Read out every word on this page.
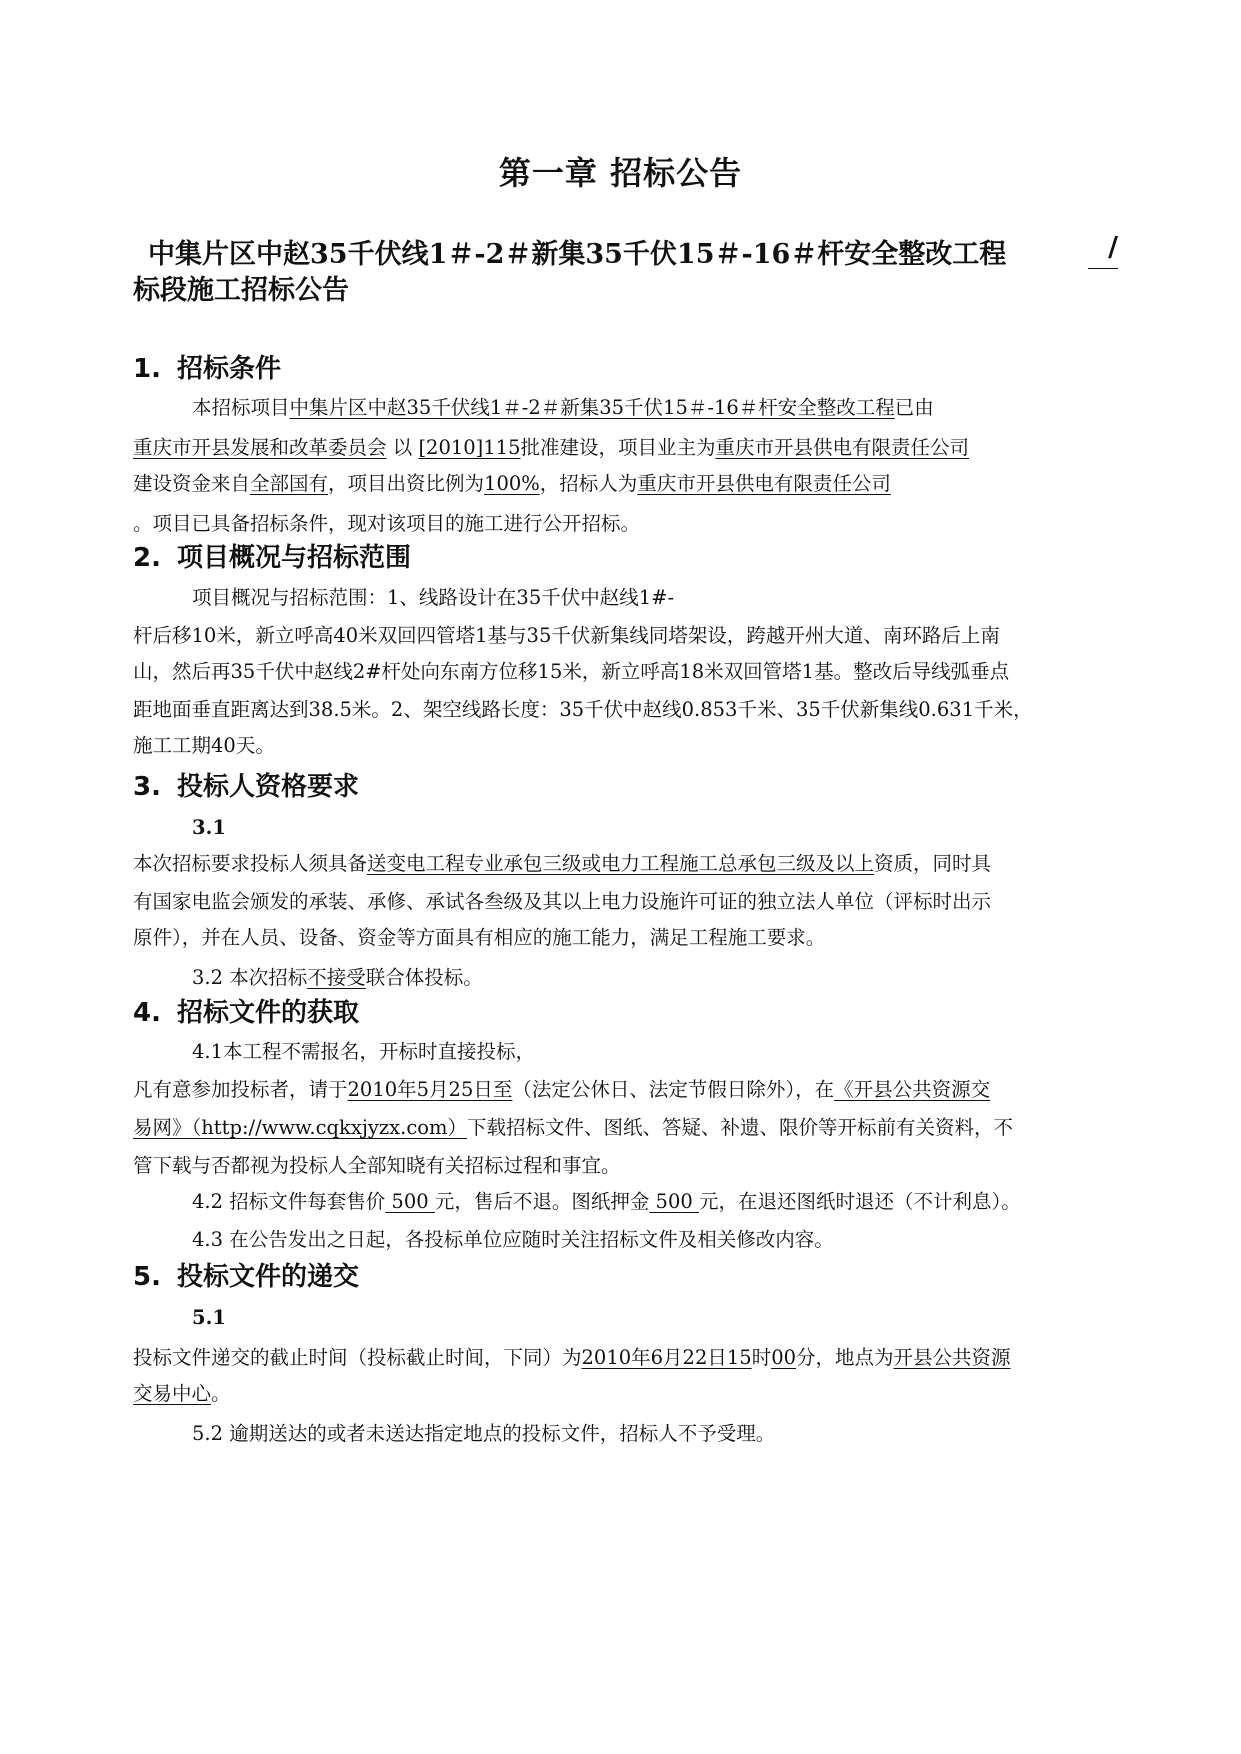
第一章 招标公告
中集片区中赵35千伏线1＃-2＃新集35千伏15＃-16＃杆安全整改工程	/
标段施工招标公告
1. 招标条件
本招标项目中集片区中赵35千伏线1＃-2＃新集35千伏15＃-16＃杆安全整改工程已由
重庆市开县发展和改革委员会 以 [2010]115批准建设，项目业主为重庆市开县供电有限责任公司
建设资金来自全部国有，项目出资比例为100%，招标人为重庆市开县供电有限责任公司
。项目已具备招标条件，现对该项目的施工进行公开招标。
2. 项目概况与招标范围
项目概况与招标范围：1、线路设计在35千伏中赵线1#-
杆后移10米，新立呼高40米双回四管塔1基与35千伏新集线同塔架设，跨越开州大道、南环路后上南
山，然后再35千伏中赵线2#杆处向东南方位移15米，新立呼高18米双回管塔1基。整改后导线弧垂点
距地面垂直距离达到38.5米。2、架空线路长度：35千伏中赵线0.853千米、35千伏新集线0.631千米，
施工工期40天。
3. 投标人资格要求
3.1
本次招标要求投标人须具备送变电工程专业承包三级或电力工程施工总承包三级及以上资质，同时具
有国家电监会颁发的承装、承修、承试各叁级及其以上电力设施许可证的独立法人单位（评标时出示
原件），并在人员、设备、资金等方面具有相应的施工能力，满足工程施工要求。
3.2 本次招标不接受联合体投标。
4. 招标文件的获取
4.1本工程不需报名，开标时直接投标，
凡有意参加投标者，请于2010年5月25日至（法定公休日、法定节假日除外），在《开县公共资源交
易网》（http://www.cqkxjyzx.com）下载招标文件、图纸、答疑、补遗、限价等开标前有关资料，不
管下载与否都视为投标人全部知晓有关招标过程和事宜。
4.2 招标文件每套售价 500 元，售后不退。图纸押金 500 元，在退还图纸时退还（不计利息）。
4.3 在公告发出之日起，各投标单位应随时关注招标文件及相关修改内容。
5. 投标文件的递交
5.1
投标文件递交的截止时间（投标截止时间，下同）为2010年6月22日15时00分，地点为开县公共资源
交易中心。
5.2 逾期送达的或者未送达指定地点的投标文件，招标人不予受理。
